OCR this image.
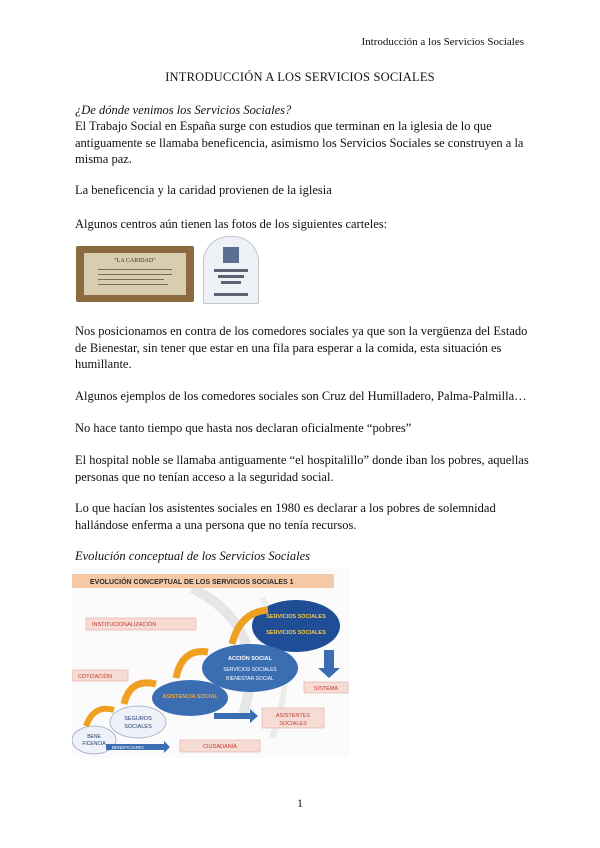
Introducción a los Servicios Sociales
INTRODUCCIÓN A LOS SERVICIOS SOCIALES
¿De dónde venimos los Servicios Sociales?
El Trabajo Social en España surge con estudios que terminan en la iglesia de lo que antiguamente se llamaba beneficencia, asimismo los Servicios Sociales se construyen a la misma paz.
La beneficencia y la caridad provienen de la iglesia
Algunos centros aún tienen las fotos de los siguientes carteles:
"LA CARIDAD"
Nos posicionamos en contra de los comedores sociales ya que son la vergüenza del Estado de Bienestar, sin tener que estar en una fila para esperar a la comida, esta situación es humillante.
Algunos ejemplos de los comedores sociales son Cruz del Humilladero, Palma-Palmilla…
No hace tanto tiempo que hasta nos declaran oficialmente “pobres”
El hospital noble se llamaba antiguamente “el hospitalillo” donde iban los pobres, aquellas personas que no tenían acceso a la seguridad social.
Lo que hacían los asistentes sociales en 1980 es declarar a los pobres de solemnidad hallándose enferma a una persona que no tenía recursos.
Evolución conceptual de los Servicios Sociales
EVOLUCIÓN CONCEPTUAL DE LOS SERVICIOS SOCIALES 1
SERVICIOS SOCIALES
SERVICIOS SOCIALES
INSTITUCIONALIZACIÓN
ACCIÓN SOCIAL
SERVICIOS SOCIALES
BIENESTAR SOCIAL
SISTEMA
COTIZACIÓN
ASISTENCIA SOCIAL
SEGUROS
SOCIALES
BENE
FICENCIA
ASISTENTES
SOCIALES
BENEFICIARIO	CIUDADANÍA
1
